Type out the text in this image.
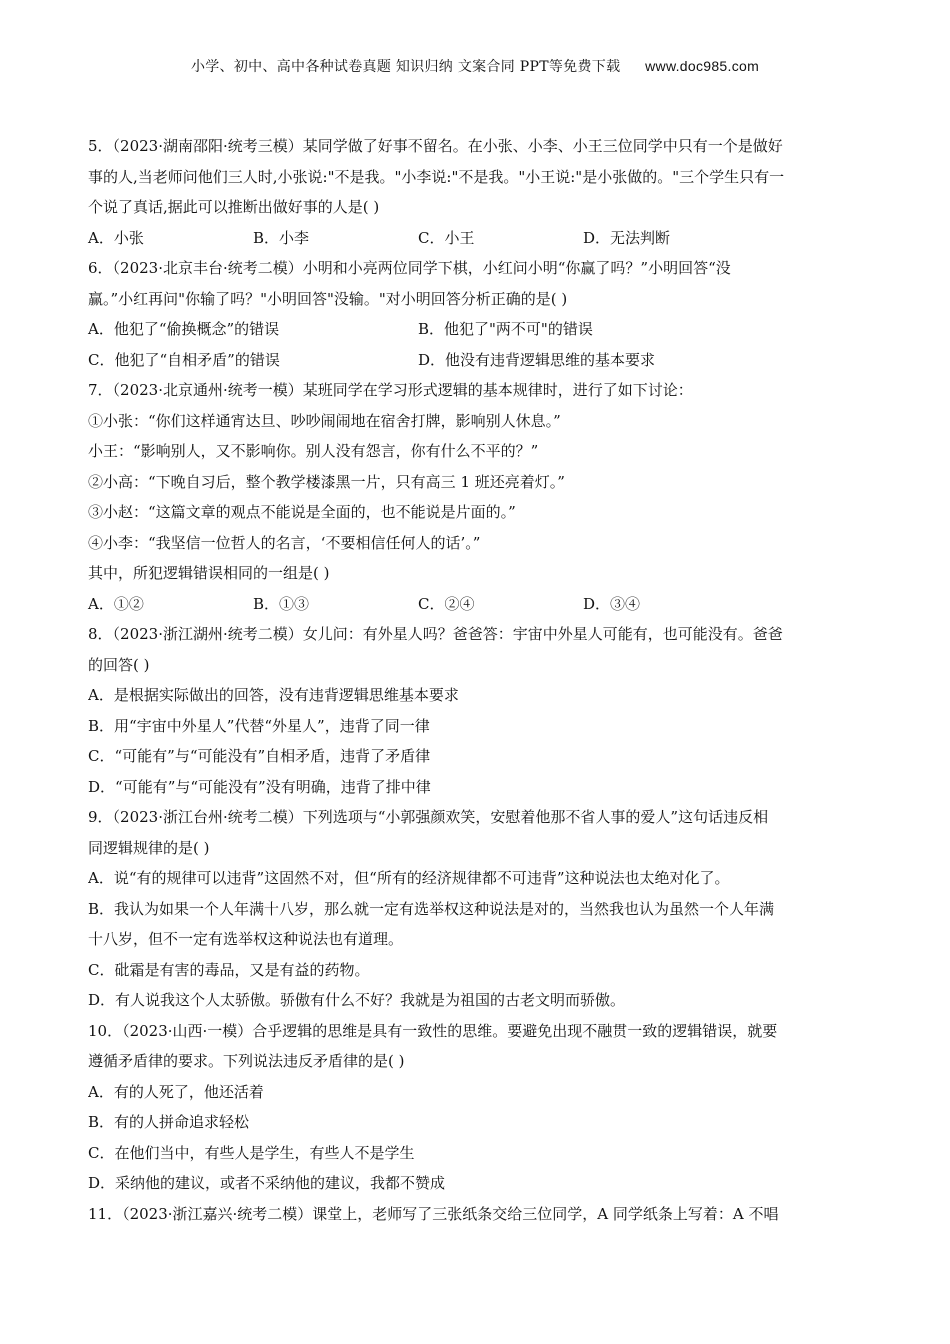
小学、初中、高中各种试卷真题 知识归纳 文案合同 PPT等免费下载 www.doc985.com
5．（2023·湖南邵阳·统考三模）某同学做了好事不留名。在小张、小李、小王三位同学中只有一个是做好
事的人,当老师问他们三人时,小张说:"不是我。"小李说:"不是我。"小王说:"是小张做的。"三个学生只有一
个说了真话,据此可以推断出做好事的人是( )
A．小张	B．小李	C．小王	D．无法判断
6．（2023·北京丰台·统考二模）小明和小亮两位同学下棋，小红问小明“你赢了吗？”小明回答“没
赢。”小红再问"你输了吗？"小明回答"没输。"对小明回答分析正确的是( )
A．他犯了“偷换概念”的错误	B．他犯了"两不可"的错误
C．他犯了“自相矛盾”的错误	D．他没有违背逻辑思维的基本要求
7．（2023·北京通州·统考一模）某班同学在学习形式逻辑的基本规律时，进行了如下讨论：
①小张：“你们这样通宵达旦、吵吵闹闹地在宿舍打牌，影响别人休息。”
小王：“影响别人，又不影响你。别人没有怨言，你有什么不平的？”
②小高：“下晚自习后，整个教学楼漆黑一片，只有高三 1 班还亮着灯。”
③小赵：“这篇文章的观点不能说是全面的，也不能说是片面的。”
④小李：“我坚信一位哲人的名言，‘不要相信任何人的话’。”
其中，所犯逻辑错误相同的一组是( )
A．①②	B．①③	C．②④	D．③④
8．（2023·浙江湖州·统考二模）女儿问：有外星人吗？爸爸答：宇宙中外星人可能有，也可能没有。爸爸
的回答( )
A．是根据实际做出的回答，没有违背逻辑思维基本要求
B．用“宇宙中外星人”代替“外星人”，违背了同一律
C．“可能有”与“可能没有”自相矛盾，违背了矛盾律
D．“可能有”与“可能没有”没有明确，违背了排中律
9．（2023·浙江台州·统考二模）下列选项与“小郭强颜欢笑，安慰着他那不省人事的爱人”这句话违反相
同逻辑规律的是( )
A．说“有的规律可以违背”这固然不对，但“所有的经济规律都不可违背”这种说法也太绝对化了。
B．我认为如果一个人年满十八岁，那么就一定有选举权这种说法是对的，当然我也认为虽然一个人年满
十八岁，但不一定有选举权这种说法也有道理。
C．砒霜是有害的毒品，又是有益的药物。
D．有人说我这个人太骄傲。骄傲有什么不好？我就是为祖国的古老文明而骄傲。
10．（2023·山西·一模）合乎逻辑的思维是具有一致性的思维。要避免出现不融贯一致的逻辑错误，就要
遵循矛盾律的要求。下列说法违反矛盾律的是( )
A．有的人死了，他还活着
B．有的人拼命追求轻松
C．在他们当中，有些人是学生，有些人不是学生
D．采纳他的建议，或者不采纳他的建议，我都不赞成
11．（2023·浙江嘉兴·统考二模）课堂上，老师写了三张纸条交给三位同学，A 同学纸条上写着：A 不唱
